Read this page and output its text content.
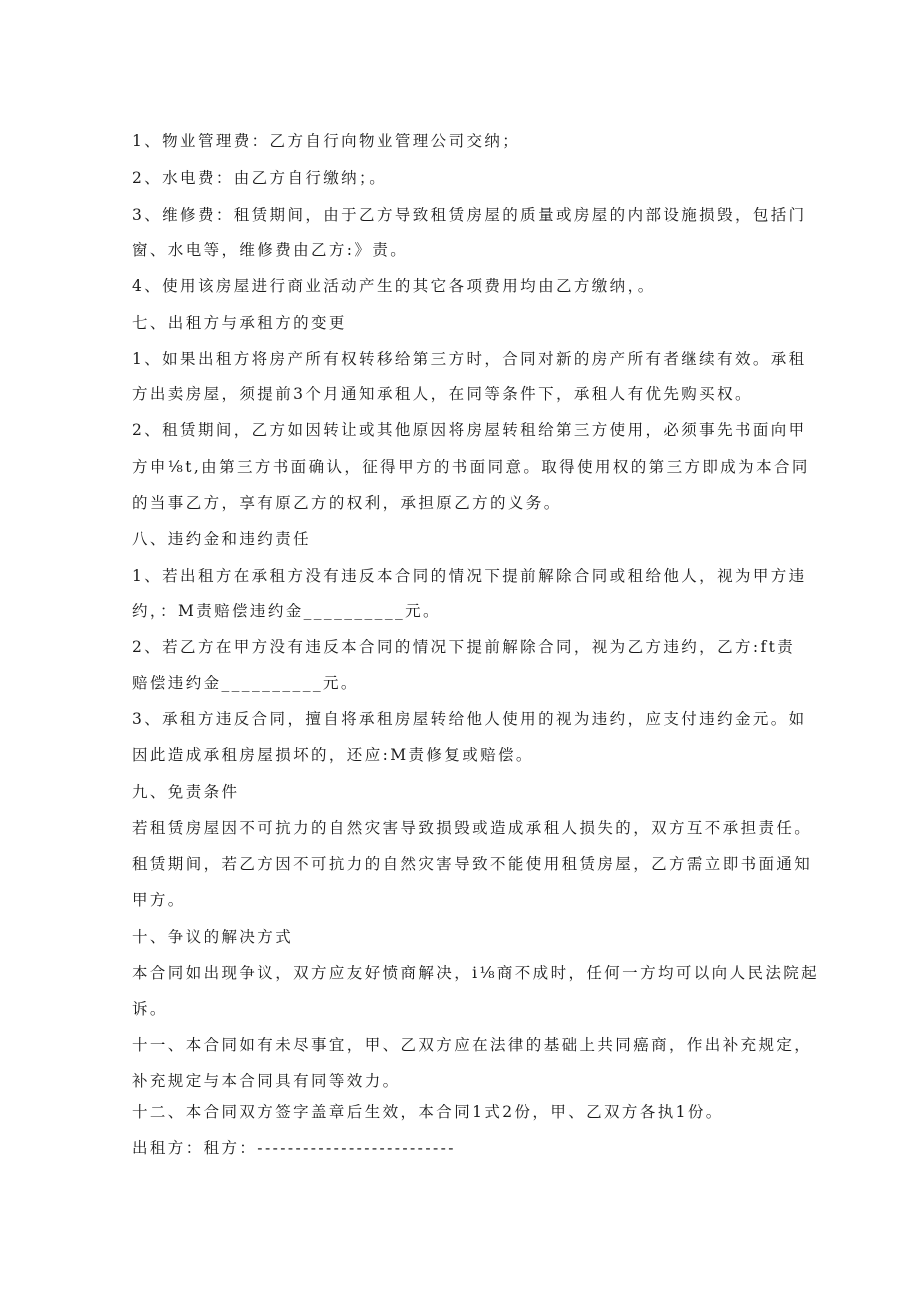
1、物业管理费：乙方自行向物业管理公司交纳；
2、水电费：由乙方自行缴纳；。
3、维修费：租赁期间，由于乙方导致租赁房屋的质量或房屋的内部设施损毁，包括门
窗、水电等，维修费由乙方:》责。
4、使用该房屋进行商业活动产生的其它各项费用均由乙方缴纳，。
七、出租方与承租方的变更
1、如果出租方将房产所有权转移给第三方时，合同对新的房产所有者继续有效。承租
方出卖房屋，须提前3个月通知承租人，在同等条件下，承租人有优先购买权。
2、租赁期间，乙方如因转让或其他原因将房屋转租给第三方使用，必须事先书面向甲
方申⅛t,由第三方书面确认，征得甲方的书面同意。取得使用权的第三方即成为本合同
的当事乙方，享有原乙方的权利，承担原乙方的义务。
八、违约金和违约责任
1、若出租方在承租方没有违反本合同的情况下提前解除合同或租给他人，视为甲方违
约，：M责赔偿违约金__________元。
2、若乙方在甲方没有违反本合同的情况下提前解除合同，视为乙方违约，乙方:ft责
赔偿违约金__________元。
3、承租方违反合同，擅自将承租房屋转给他人使用的视为违约，应支付违约金元。如
因此造成承租房屋损坏的，还应:M责修复或赔偿。
九、免责条件
若租赁房屋因不可抗力的自然灾害导致损毁或造成承租人损失的，双方互不承担责任。
租赁期间，若乙方因不可抗力的自然灾害导致不能使用租赁房屋，乙方需立即书面通知
甲方。
十、争议的解决方式
本合同如出现争议，双方应友好愤商解决，i⅛商不成时，任何一方均可以向人民法院起
诉。
十一、本合同如有未尽事宜，甲、乙双方应在法律的基础上共同癌商，作出补充规定，
补充规定与本合同具有同等效力。
十二、本合同双方签字盖章后生效，本合同1式2份，甲、乙双方各执1份。
出租方：租方：--------------------------
